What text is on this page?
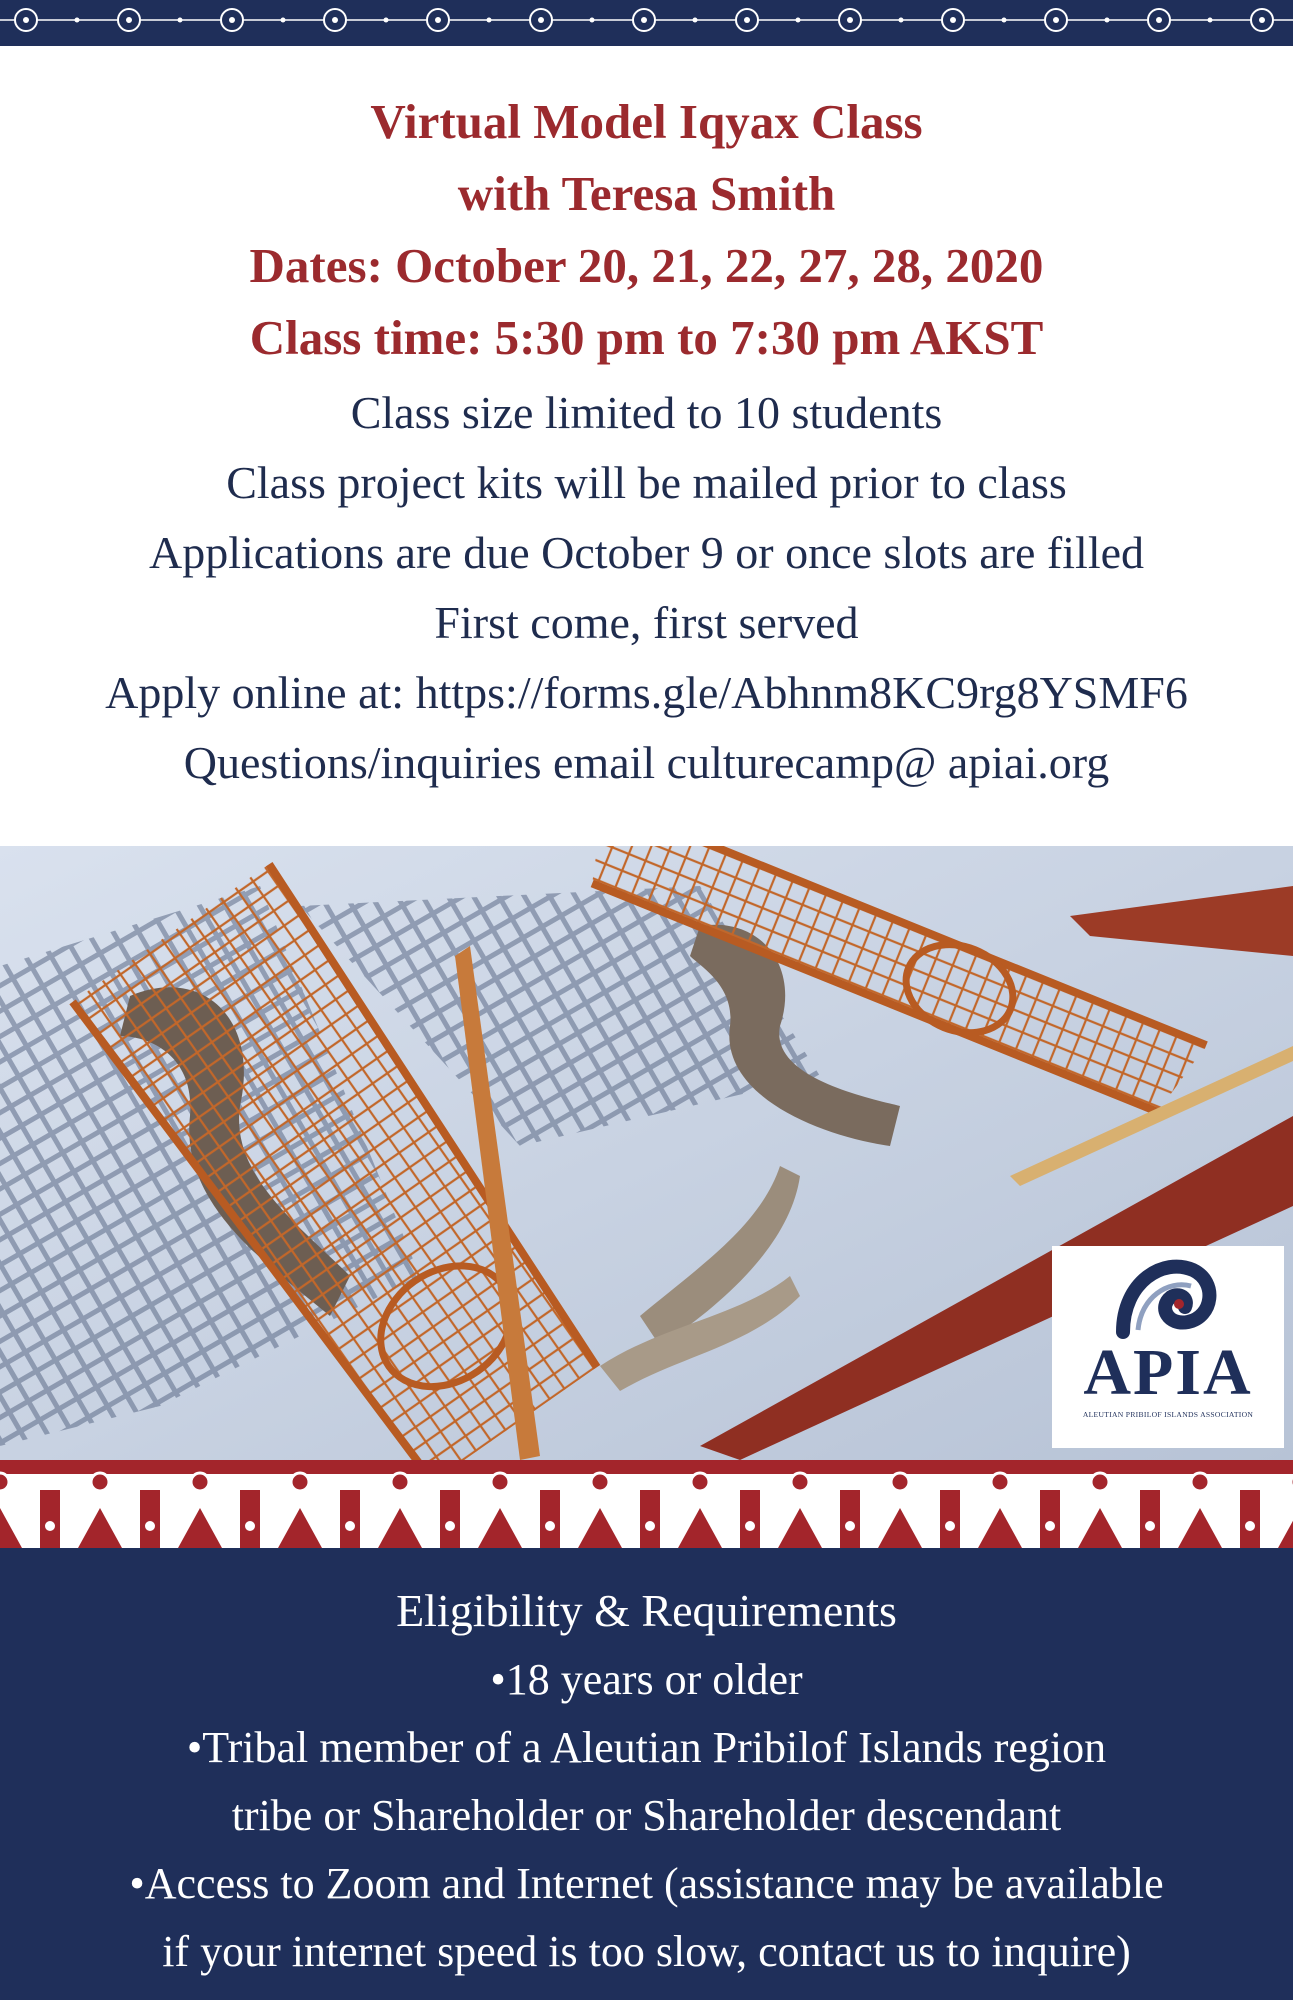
Virtual Model Iqyax Class

with Teresa Smith

Dates: October 20, 21, 22, 27, 28, 2020

Class time: 5:30 pm to 7:30 pm AKST

Class size limited to 10 students

Class project kits will be mailed prior to class

Applications are due October 9 or once slots are filled

First come, first served

Apply online at: https://forms.gle/Abhnm8KC9rg8YSMF6

Questions/inquiries email culturecamp@ apiai.org

APIA
ALEUTIAN PRIBILOF ISLANDS ASSOCIATION

Eligibility & Requirements

•18 years or older

•Tribal member of a Aleutian Pribilof Islands region

tribe or Shareholder or Shareholder descendant

•Access to Zoom and Internet (assistance may be available

if your internet speed is too slow, contact us to inquire)
